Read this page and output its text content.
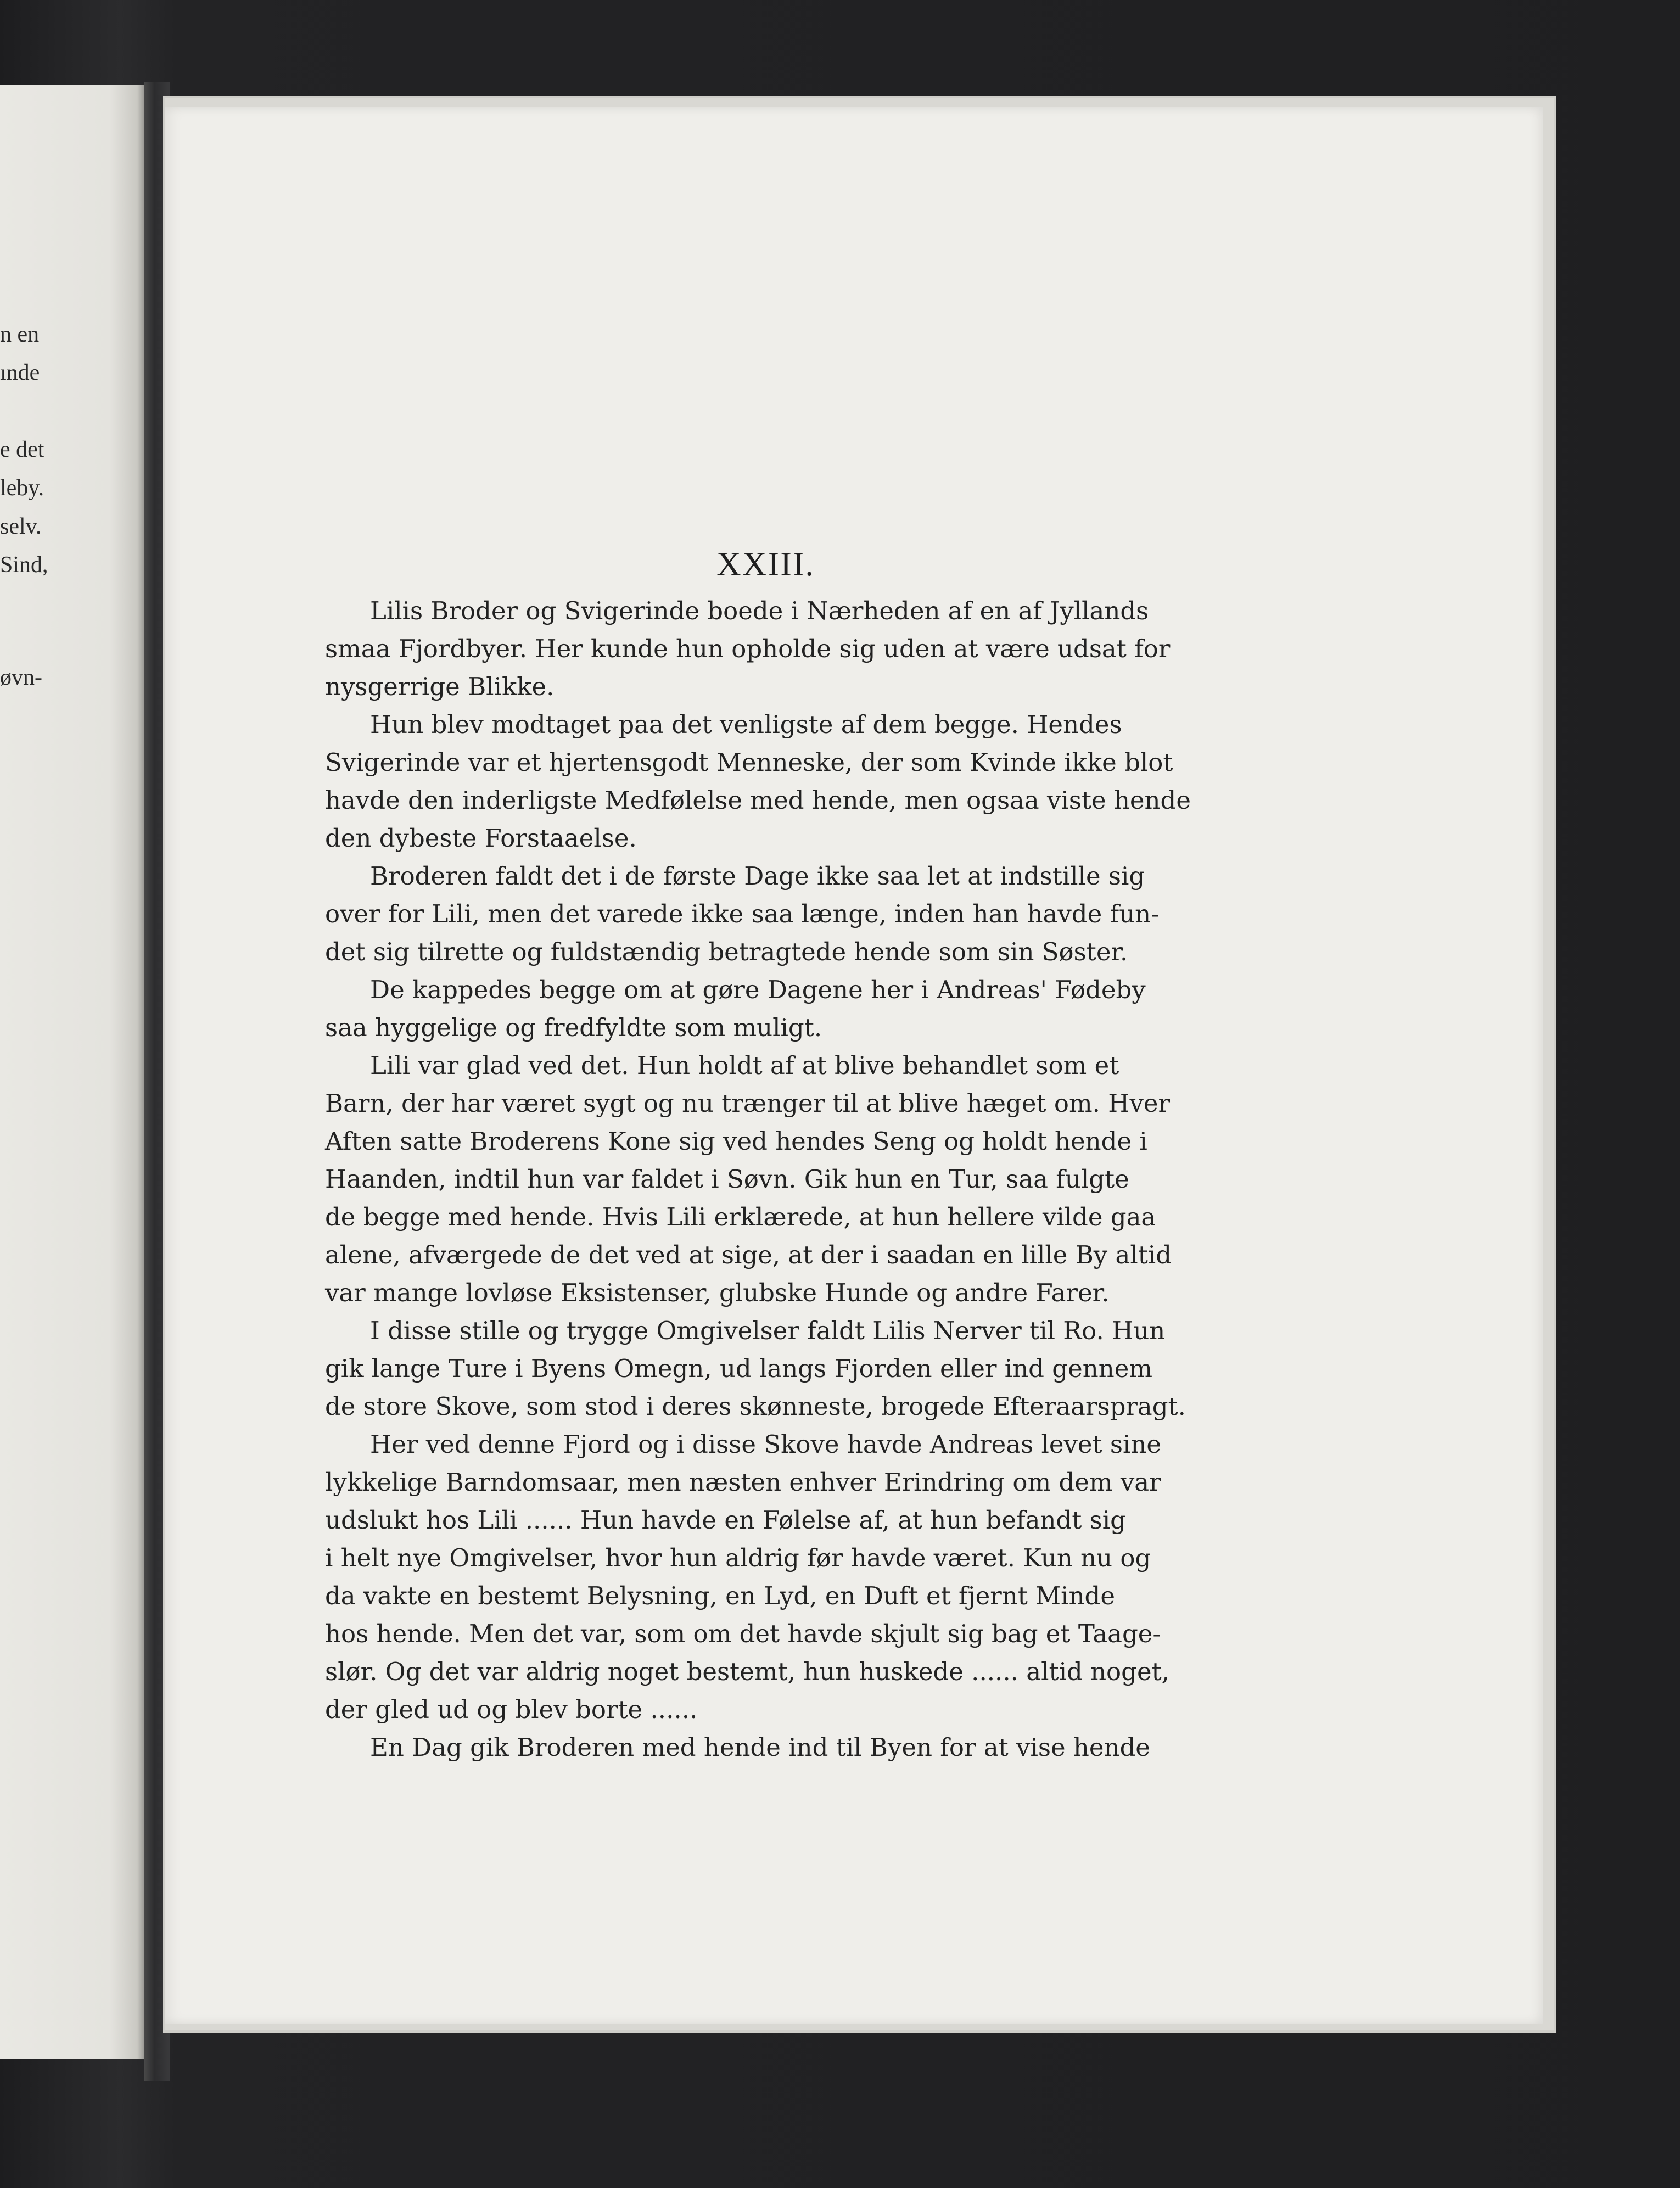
n en
ınde
e det
leby.
selv.
Sind,
øvn-
XXIII.

Lilis Broder og Svigerinde boede i Nærheden af en af Jyllands
smaa Fjordbyer. Her kunde hun opholde sig uden at være udsat for
nysgerrige Blikke.

Hun blev modtaget paa det venligste af dem begge. Hendes
Svigerinde var et hjertensgodt Menneske, der som Kvinde ikke blot
havde den inderligste Medfølelse med hende, men ogsaa viste hende
den dybeste Forstaaelse.

Broderen faldt det i de første Dage ikke saa let at indstille sig
over for Lili, men det varede ikke saa længe, inden han havde fun-
det sig tilrette og fuldstændig betragtede hende som sin Søster.

De kappedes begge om at gøre Dagene her i Andreas' Fødeby
saa hyggelige og fredfyldte som muligt.

Lili var glad ved det. Hun holdt af at blive behandlet som et
Barn, der har været sygt og nu trænger til at blive hæget om. Hver
Aften satte Broderens Kone sig ved hendes Seng og holdt hende i
Haanden, indtil hun var faldet i Søvn. Gik hun en Tur, saa fulgte
de begge med hende. Hvis Lili erklærede, at hun hellere vilde gaa
alene, afværgede de det ved at sige, at der i saadan en lille By altid
var mange lovløse Eksistenser, glubske Hunde og andre Farer.

I disse stille og trygge Omgivelser faldt Lilis Nerver til Ro. Hun
gik lange Ture i Byens Omegn, ud langs Fjorden eller ind gennem
de store Skove, som stod i deres skønneste, brogede Efteraarspragt.

Her ved denne Fjord og i disse Skove havde Andreas levet sine
lykkelige Barndomsaar, men næsten enhver Erindring om dem var
udslukt hos Lili ...... Hun havde en Følelse af, at hun befandt sig
i helt nye Omgivelser, hvor hun aldrig før havde været. Kun nu og
da vakte en bestemt Belysning, en Lyd, en Duft et fjernt Minde
hos hende. Men det var, som om det havde skjult sig bag et Taage-
slør. Og det var aldrig noget bestemt, hun huskede ...... altid noget,
der gled ud og blev borte ......

En Dag gik Broderen med hende ind til Byen for at vise hende
